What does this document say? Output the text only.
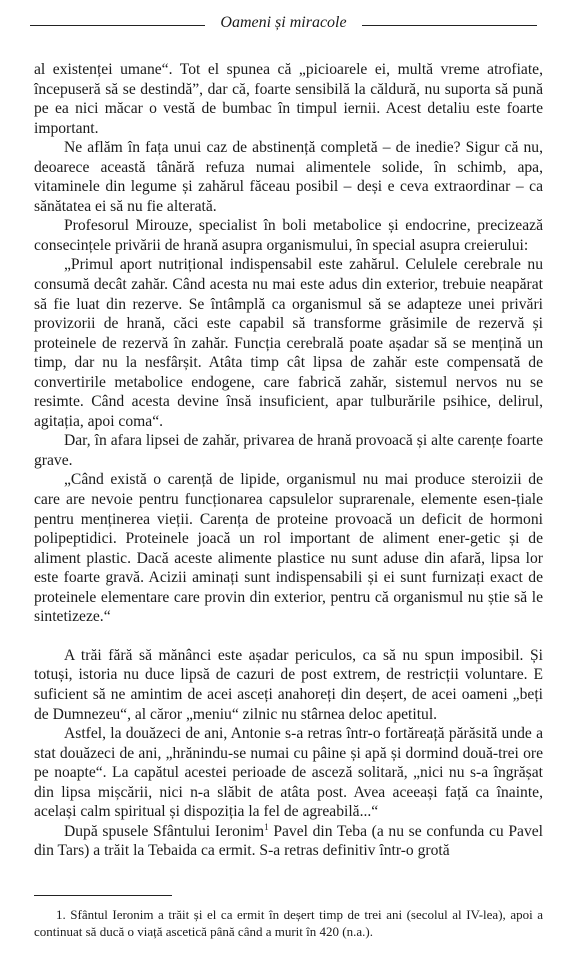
Oameni și miracole

al existenței umane“. Tot el spunea că „picioarele ei, multă vreme atrofiate, începuseră să se destindă”, dar că, foarte sensibilă la căldură, nu suporta să pună pe ea nici măcar o vestă de bumbac în timpul iernii. Acest detaliu este foarte important.

Ne aflăm în fața unui caz de abstinență completă – de inedie? Sigur că nu, deoarece această tânără refuza numai alimentele solide, în schimb, apa, vitaminele din legume și zahărul făceau posibil – deși e ceva extraordinar – ca sănătatea ei să nu fie alterată.

Profesorul Mirouze, specialist în boli metabolice și endocrine, precizează consecințele privării de hrană asupra organismului, în special asupra creierului:

„Primul aport nutrițional indispensabil este zahărul. Celulele cerebrale nu consumă decât zahăr. Când acesta nu mai este adus din exterior, trebuie neapărat să fie luat din rezerve. Se întâmplă ca organismul să se adapteze unei privări provizorii de hrană, căci este capabil să transforme grăsimile de rezervă și proteinele de rezervă în zahăr. Funcția cerebrală poate așadar să se mențină un timp, dar nu la nesfârșit. Atâta timp cât lipsa de zahăr este compensată de convertirile metabolice endogene, care fabrică zahăr, sistemul nervos nu se resimte. Când acesta devine însă insuficient, apar tulburările psihice, delirul, agitația, apoi coma“.

Dar, în afara lipsei de zahăr, privarea de hrană provoacă și alte carențe foarte grave.

„Când există o carență de lipide, organismul nu mai produce steroizii de care are nevoie pentru funcționarea capsulelor suprarenale, elemente esen-țiale pentru menținerea vieții. Carența de proteine provoacă un deficit de hormoni polipeptidici. Proteinele joacă un rol important de aliment ener-getic și de aliment plastic. Dacă aceste alimente plastice nu sunt aduse din afară, lipsa lor este foarte gravă. Acizii aminați sunt indispensabili și ei sunt furnizați exact de proteinele elementare care provin din exterior, pentru că organismul nu știe să le sintetizeze.“

A trăi fără să mănânci este așadar periculos, ca să nu spun imposibil. Și totuși, istoria nu duce lipsă de cazuri de post extrem, de restricții voluntare. E suficient să ne amintim de acei asceți anahoreți din deșert, de acei oameni „beți de Dumnezeu“, al căror „meniu“ zilnic nu stârnea deloc apetitul.

Astfel, la douăzeci de ani, Antonie s-a retras într-o fortăreață părăsită unde a stat douăzeci de ani, „hrănindu-se numai cu pâine și apă și dormind două-trei ore pe noapte“. La capătul acestei perioade de asceză solitară, „nici nu s-a îngrășat din lipsa mișcării, nici n-a slăbit de atâta post. Avea aceeași față ca înainte, același calm spiritual și dispoziția la fel de agreabilă...“

După spusele Sfântului Ieronim$^1$ Pavel din Teba (a nu se confunda cu Pavel din Tars) a trăit la Tebaida ca ermit. S-a retras definitiv într-o grotă

1. Sfântul Ieronim a trăit și el ca ermit în deșert timp de trei ani (secolul al IV-lea), apoi a continuat să ducă o viață ascetică până când a murit în 420 (n.a.).
